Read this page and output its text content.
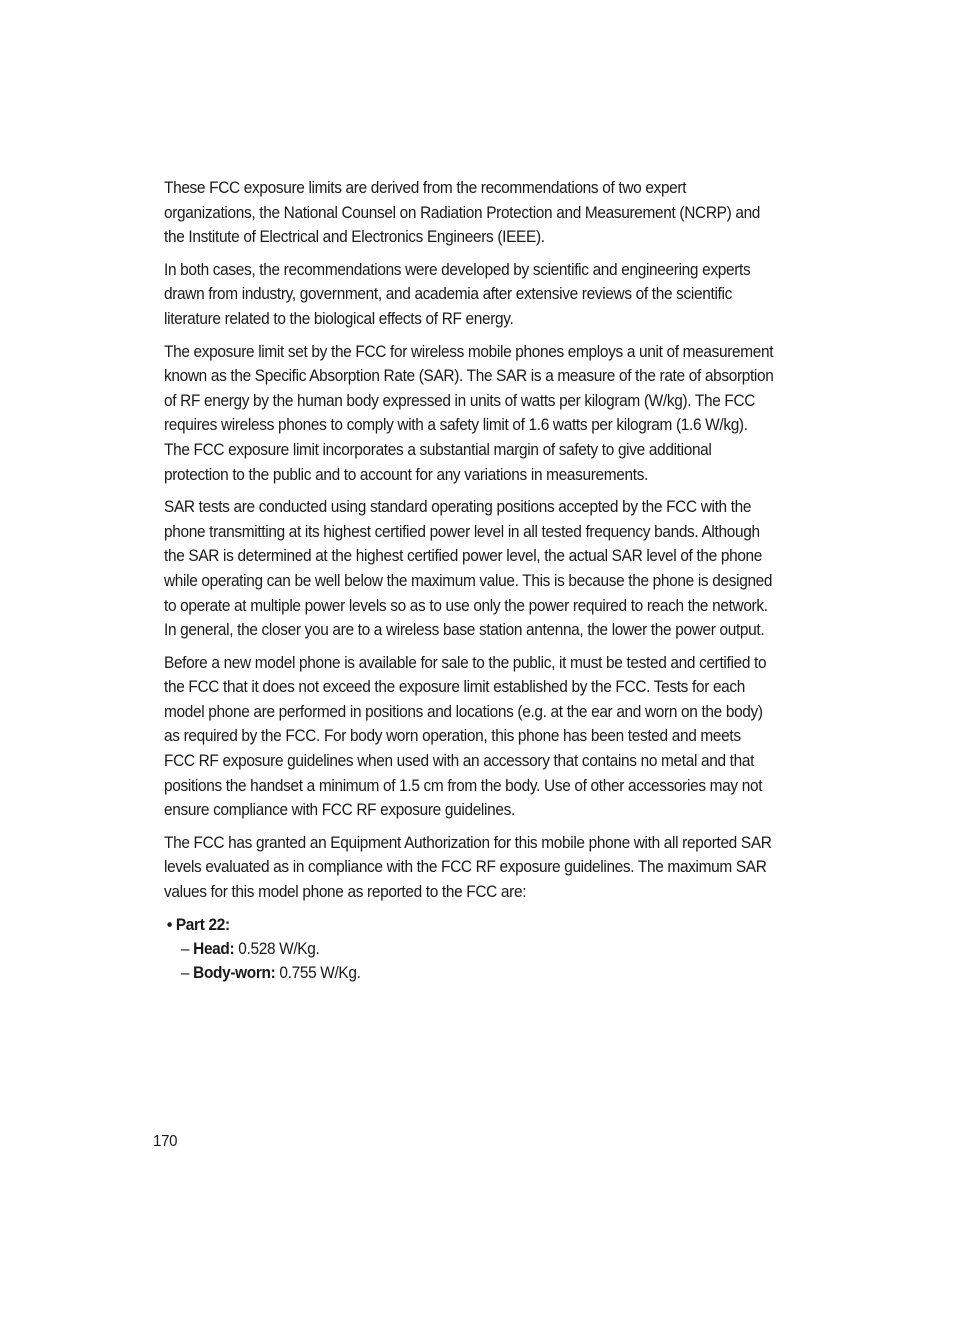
These FCC exposure limits are derived from the recommendations of two expert organizations, the National Counsel on Radiation Protection and Measurement (NCRP) and the Institute of Electrical and Electronics Engineers (IEEE).

In both cases, the recommendations were developed by scientific and engineering experts drawn from industry, government, and academia after extensive reviews of the scientific literature related to the biological effects of RF energy.

The exposure limit set by the FCC for wireless mobile phones employs a unit of measurement known as the Specific Absorption Rate (SAR). The SAR is a measure of the rate of absorption of RF energy by the human body expressed in units of watts per kilogram (W/kg). The FCC requires wireless phones to comply with a safety limit of 1.6 watts per kilogram (1.6 W/kg). The FCC exposure limit incorporates a substantial margin of safety to give additional protection to the public and to account for any variations in measurements.

SAR tests are conducted using standard operating positions accepted by the FCC with the phone transmitting at its highest certified power level in all tested frequency bands. Although the SAR is determined at the highest certified power level, the actual SAR level of the phone while operating can be well below the maximum value. This is because the phone is designed to operate at multiple power levels so as to use only the power required to reach the network. In general, the closer you are to a wireless base station antenna, the lower the power output.

Before a new model phone is available for sale to the public, it must be tested and certified to the FCC that it does not exceed the exposure limit established by the FCC. Tests for each model phone are performed in positions and locations (e.g. at the ear and worn on the body) as required by the FCC. For body worn operation, this phone has been tested and meets FCC RF exposure guidelines when used with an accessory that contains no metal and that positions the handset a minimum of 1.5 cm from the body. Use of other accessories may not ensure compliance with FCC RF exposure guidelines.

The FCC has granted an Equipment Authorization for this mobile phone with all reported SAR levels evaluated as in compliance with the FCC RF exposure guidelines. The maximum SAR values for this model phone as reported to the FCC are:

• Part 22:
– Head: 0.528 W/Kg.
– Body-worn: 0.755 W/Kg.
170
